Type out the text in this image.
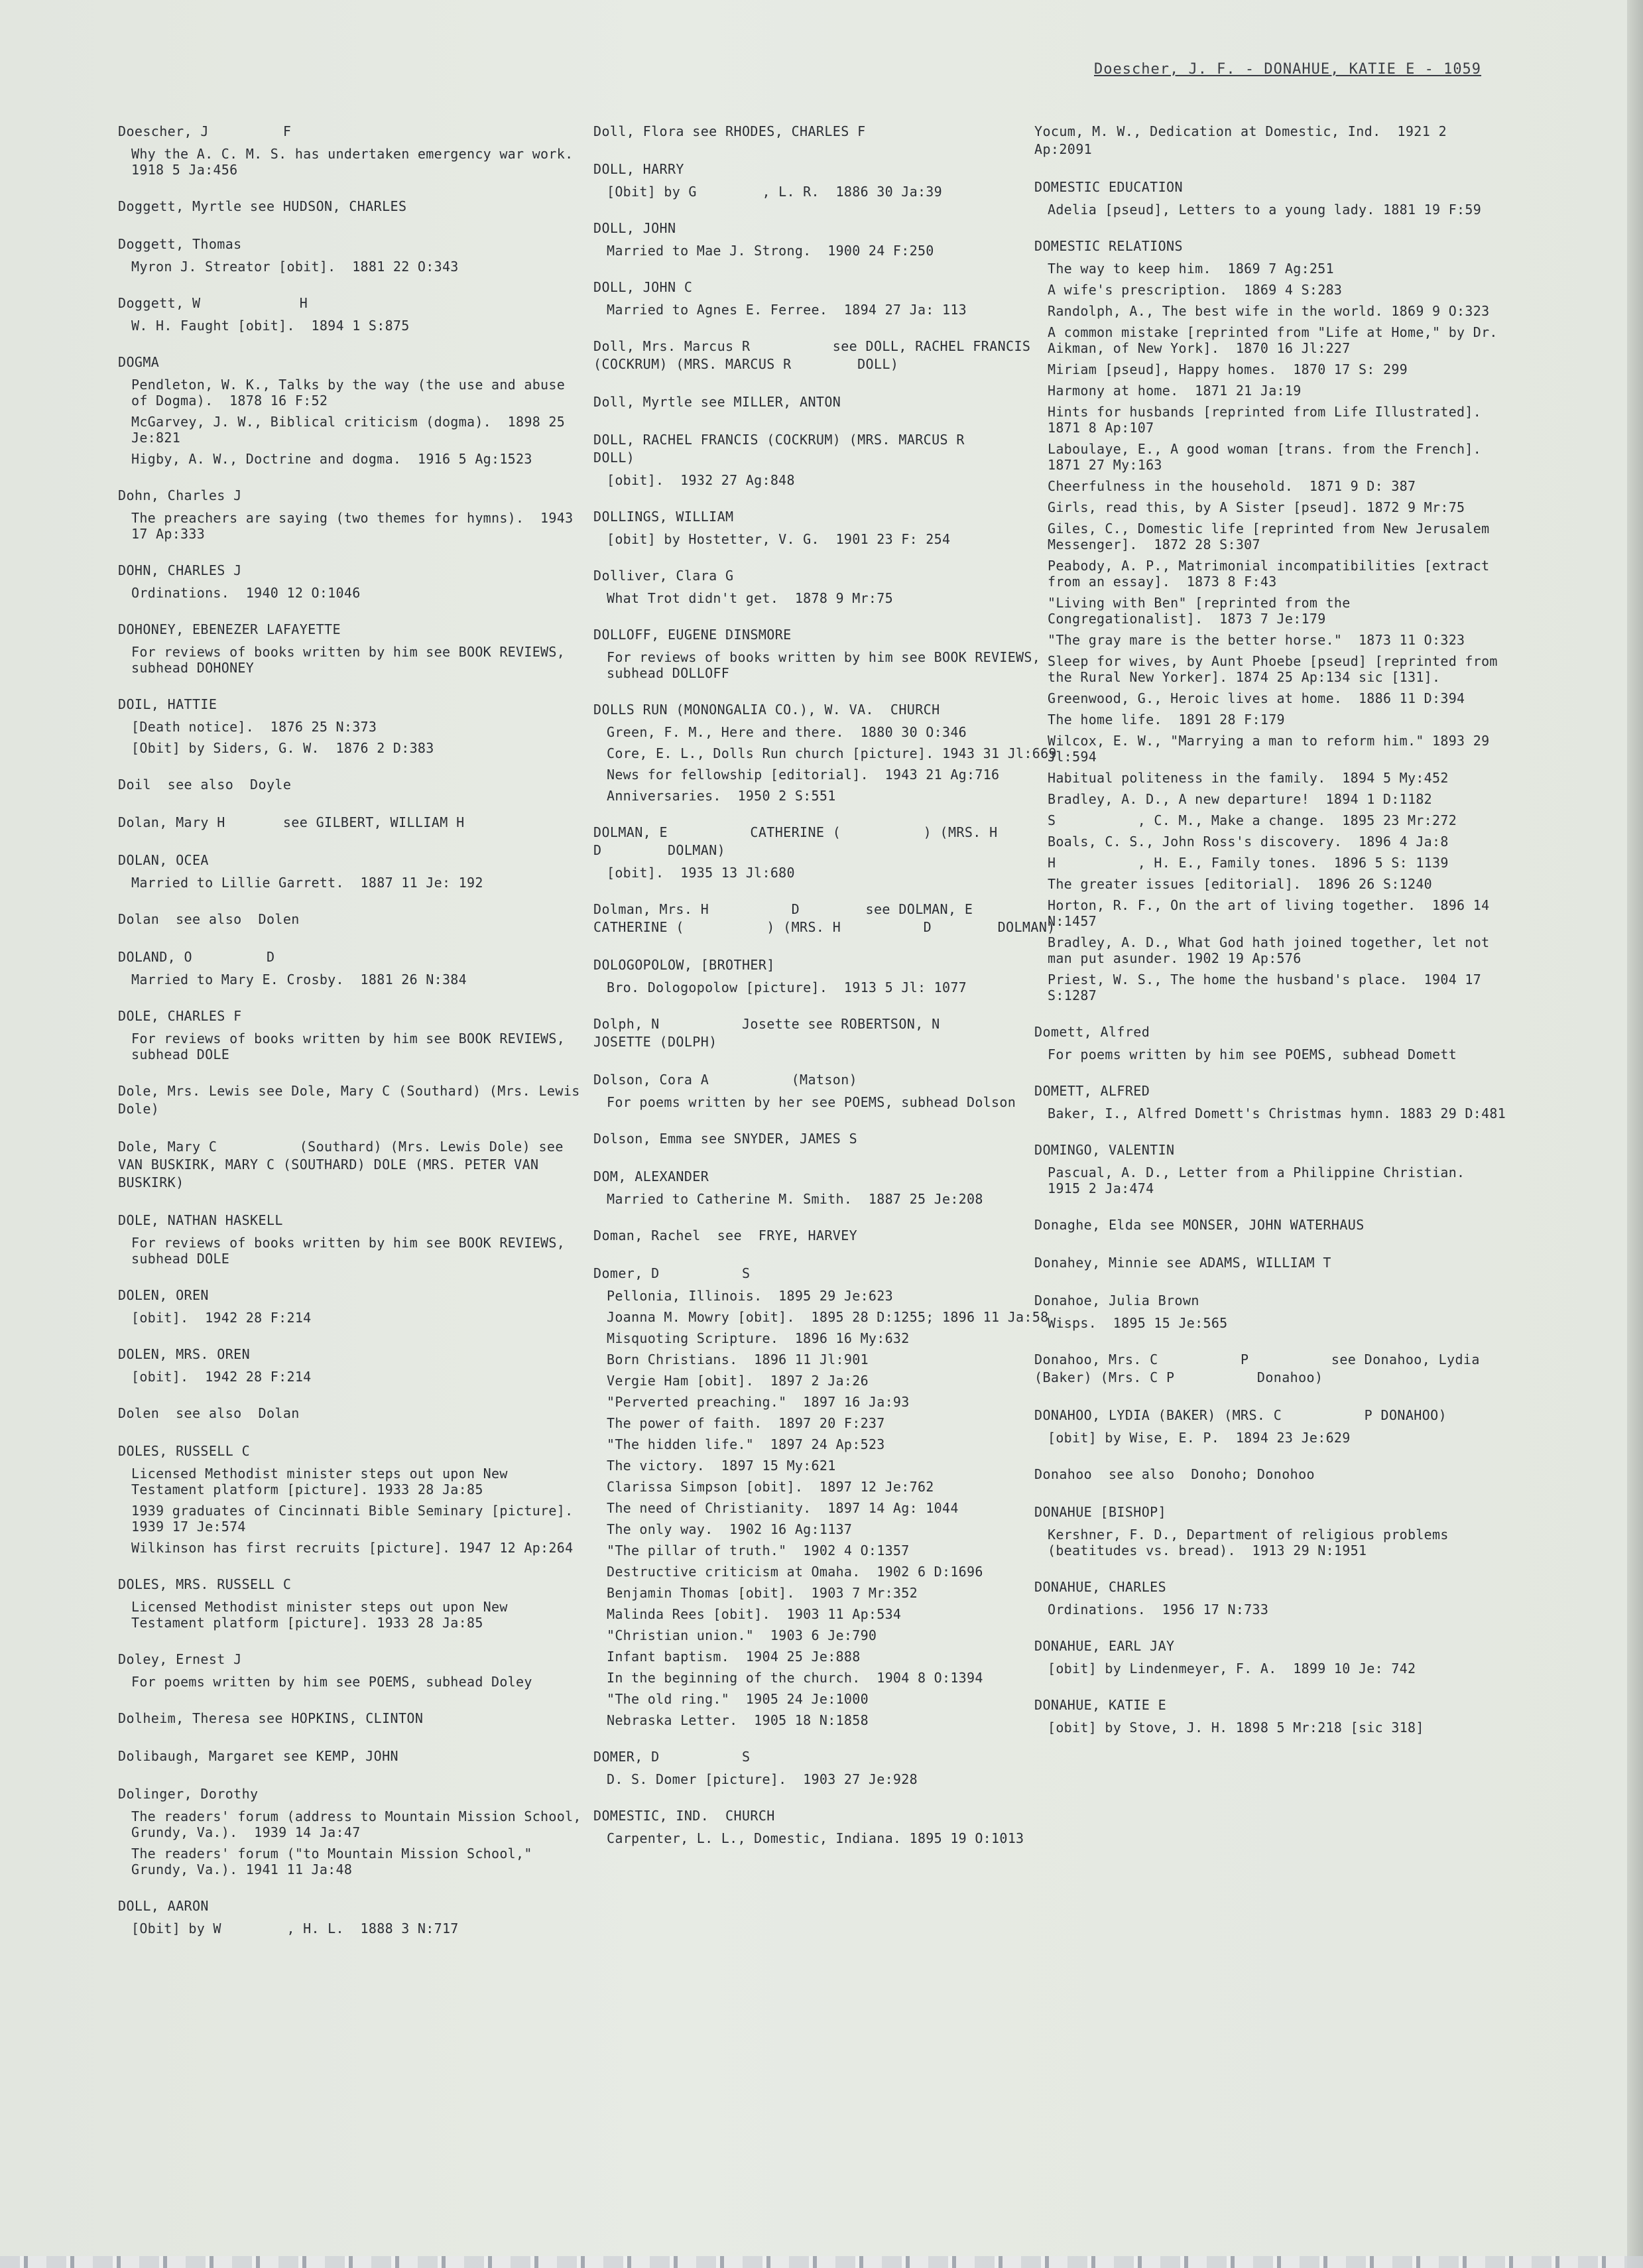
Doescher, J. F. - DONAHUE, KATIE E - 1059
Doescher, J         F
Why the A. C. M. S. has undertaken emergency war work.  1918 5 Ja:456
Doggett, Myrtle see HUDSON, CHARLES
Doggett, Thomas
Myron J. Streator [obit].  1881 22 O:343
Doggett, W            H
W. H. Faught [obit].  1894 1 S:875
DOGMA
Pendleton, W. K., Talks by the way (the use and abuse of Dogma).  1878 16 F:52
McGarvey, J. W., Biblical criticism (dogma).  1898 25 Je:821
Higby, A. W., Doctrine and dogma.  1916 5 Ag:1523
Dohn, Charles J
The preachers are saying (two themes for hymns).  1943 17 Ap:333
DOHN, CHARLES J
Ordinations.  1940 12 O:1046
DOHONEY, EBENEZER LAFAYETTE
For reviews of books written by him see BOOK REVIEWS, subhead DOHONEY
DOIL, HATTIE
[Death notice].  1876 25 N:373
[Obit] by Siders, G. W.  1876 2 D:383
Doil  see also  Doyle
Dolan, Mary H       see GILBERT, WILLIAM H
DOLAN, OCEA
Married to Lillie Garrett.  1887 11 Je: 192
Dolan  see also  Dolen
DOLAND, O         D
Married to Mary E. Crosby.  1881 26 N:384
DOLE, CHARLES F
For reviews of books written by him see BOOK REVIEWS, subhead DOLE
Dole, Mrs. Lewis see Dole, Mary C (Southard) (Mrs. Lewis Dole)
Dole, Mary C          (Southard) (Mrs. Lewis Dole) see VAN BUSKIRK, MARY C (SOUTHARD) DOLE (MRS. PETER VAN BUSKIRK)
DOLE, NATHAN HASKELL
For reviews of books written by him see BOOK REVIEWS, subhead DOLE
DOLEN, OREN
[obit].  1942 28 F:214
DOLEN, MRS. OREN
[obit].  1942 28 F:214
Dolen  see also  Dolan
DOLES, RUSSELL C
Licensed Methodist minister steps out upon New Testament platform [picture]. 1933 28 Ja:85
1939 graduates of Cincinnati Bible Seminary [picture].  1939 17 Je:574
Wilkinson has first recruits [picture]. 1947 12 Ap:264
DOLES, MRS. RUSSELL C
Licensed Methodist minister steps out upon New Testament platform [picture]. 1933 28 Ja:85
Doley, Ernest J
For poems written by him see POEMS, subhead Doley
Dolheim, Theresa see HOPKINS, CLINTON
Dolibaugh, Margaret see KEMP, JOHN
Dolinger, Dorothy
The readers' forum (address to Mountain Mission School, Grundy, Va.).  1939 14 Ja:47
The readers' forum ("to Mountain Mission School," Grundy, Va.). 1941 11 Ja:48
DOLL, AARON
[Obit] by W        , H. L.  1888 3 N:717
Doll, Flora see RHODES, CHARLES F
DOLL, HARRY
[Obit] by G        , L. R.  1886 30 Ja:39
DOLL, JOHN
Married to Mae J. Strong.  1900 24 F:250
DOLL, JOHN C
Married to Agnes E. Ferree.  1894 27 Ja: 113
Doll, Mrs. Marcus R          see DOLL, RACHEL FRANCIS (COCKRUM) (MRS. MARCUS R        DOLL)
Doll, Myrtle see MILLER, ANTON
DOLL, RACHEL FRANCIS (COCKRUM) (MRS. MARCUS R         DOLL)
[obit].  1932 27 Ag:848
DOLLINGS, WILLIAM
[obit] by Hostetter, V. G.  1901 23 F: 254
Dolliver, Clara G
What Trot didn't get.  1878 9 Mr:75
DOLLOFF, EUGENE DINSMORE
For reviews of books written by him see BOOK REVIEWS, subhead DOLLOFF
DOLLS RUN (MONONGALIA CO.), W. VA.  CHURCH
Green, F. M., Here and there.  1880 30 O:346
Core, E. L., Dolls Run church [picture]. 1943 31 Jl:669
News for fellowship [editorial].  1943 21 Ag:716
Anniversaries.  1950 2 S:551
DOLMAN, E          CATHERINE (          ) (MRS. H        D        DOLMAN)
[obit].  1935 13 Jl:680
Dolman, Mrs. H          D        see DOLMAN, E          CATHERINE (          ) (MRS. H          D        DOLMAN)
DOLOGOPOLOW, [BROTHER]
Bro. Dologopolow [picture].  1913 5 Jl: 1077
Dolph, N          Josette see ROBERTSON, N          JOSETTE (DOLPH)
Dolson, Cora A          (Matson)
For poems written by her see POEMS, subhead Dolson
Dolson, Emma see SNYDER, JAMES S
DOM, ALEXANDER
Married to Catherine M. Smith.  1887 25 Je:208
Doman, Rachel  see  FRYE, HARVEY
Domer, D          S
Pellonia, Illinois.  1895 29 Je:623
Joanna M. Mowry [obit].  1895 28 D:1255; 1896 11 Ja:58
Misquoting Scripture.  1896 16 My:632
Born Christians.  1896 11 Jl:901
Vergie Ham [obit].  1897 2 Ja:26
"Perverted preaching."  1897 16 Ja:93
The power of faith.  1897 20 F:237
"The hidden life."  1897 24 Ap:523
The victory.  1897 15 My:621
Clarissa Simpson [obit].  1897 12 Je:762
The need of Christianity.  1897 14 Ag: 1044
The only way.  1902 16 Ag:1137
"The pillar of truth."  1902 4 O:1357
Destructive criticism at Omaha.  1902 6 D:1696
Benjamin Thomas [obit].  1903 7 Mr:352
Malinda Rees [obit].  1903 11 Ap:534
"Christian union."  1903 6 Je:790
Infant baptism.  1904 25 Je:888
In the beginning of the church.  1904 8 O:1394
"The old ring."  1905 24 Je:1000
Nebraska Letter.  1905 18 N:1858
DOMER, D          S
D. S. Domer [picture].  1903 27 Je:928
DOMESTIC, IND.  CHURCH
Carpenter, L. L., Domestic, Indiana. 1895 19 O:1013
Yocum, M. W., Dedication at Domestic, Ind.  1921 2 Ap:2091
DOMESTIC EDUCATION
Adelia [pseud], Letters to a young lady. 1881 19 F:59
DOMESTIC RELATIONS
The way to keep him.  1869 7 Ag:251
A wife's prescription.  1869 4 S:283
Randolph, A., The best wife in the world. 1869 9 O:323
A common mistake [reprinted from "Life at Home," by Dr. Aikman, of New York].  1870 16 Jl:227
Miriam [pseud], Happy homes.  1870 17 S: 299
Harmony at home.  1871 21 Ja:19
Hints for husbands [reprinted from Life Illustrated].  1871 8 Ap:107
Laboulaye, E., A good woman [trans. from the French].  1871 27 My:163
Cheerfulness in the household.  1871 9 D: 387
Girls, read this, by A Sister [pseud]. 1872 9 Mr:75
Giles, C., Domestic life [reprinted from New Jerusalem Messenger].  1872 28 S:307
Peabody, A. P., Matrimonial incompatibilities [extract from an essay].  1873 8 F:43
"Living with Ben" [reprinted from the Congregationalist].  1873 7 Je:179
"The gray mare is the better horse."  1873 11 O:323
Sleep for wives, by Aunt Phoebe [pseud] [reprinted from the Rural New Yorker]. 1874 25 Ap:134 sic [131].
Greenwood, G., Heroic lives at home.  1886 11 D:394
The home life.  1891 28 F:179
Wilcox, E. W., "Marrying a man to reform him." 1893 29 Jl:594
Habitual politeness in the family.  1894 5 My:452
Bradley, A. D., A new departure!  1894 1 D:1182
S          , C. M., Make a change.  1895 23 Mr:272
Boals, C. S., John Ross's discovery.  1896 4 Ja:8
H          , H. E., Family tones.  1896 5 S: 1139
The greater issues [editorial].  1896 26 S:1240
Horton, R. F., On the art of living together.  1896 14 N:1457
Bradley, A. D., What God hath joined together, let not man put asunder. 1902 19 Ap:576
Priest, W. S., The home the husband's place.  1904 17 S:1287
Domett, Alfred
For poems written by him see POEMS, subhead Domett
DOMETT, ALFRED
Baker, I., Alfred Domett's Christmas hymn. 1883 29 D:481
DOMINGO, VALENTIN
Pascual, A. D., Letter from a Philippine Christian.  1915 2 Ja:474
Donaghe, Elda see MONSER, JOHN WATERHAUS
Donahey, Minnie see ADAMS, WILLIAM T
Donahoe, Julia Brown
Wisps.  1895 15 Je:565
Donahoo, Mrs. C          P          see Donahoo, Lydia (Baker) (Mrs. C P          Donahoo)
DONAHOO, LYDIA (BAKER) (MRS. C          P DONAHOO)
[obit] by Wise, E. P.  1894 23 Je:629
Donahoo  see also  Donoho; Donohoo
DONAHUE [BISHOP]
Kershner, F. D., Department of religious problems (beatitudes vs. bread).  1913 29 N:1951
DONAHUE, CHARLES
Ordinations.  1956 17 N:733
DONAHUE, EARL JAY
[obit] by Lindenmeyer, F. A.  1899 10 Je: 742
DONAHUE, KATIE E
[obit] by Stove, J. H. 1898 5 Mr:218 [sic 318]
